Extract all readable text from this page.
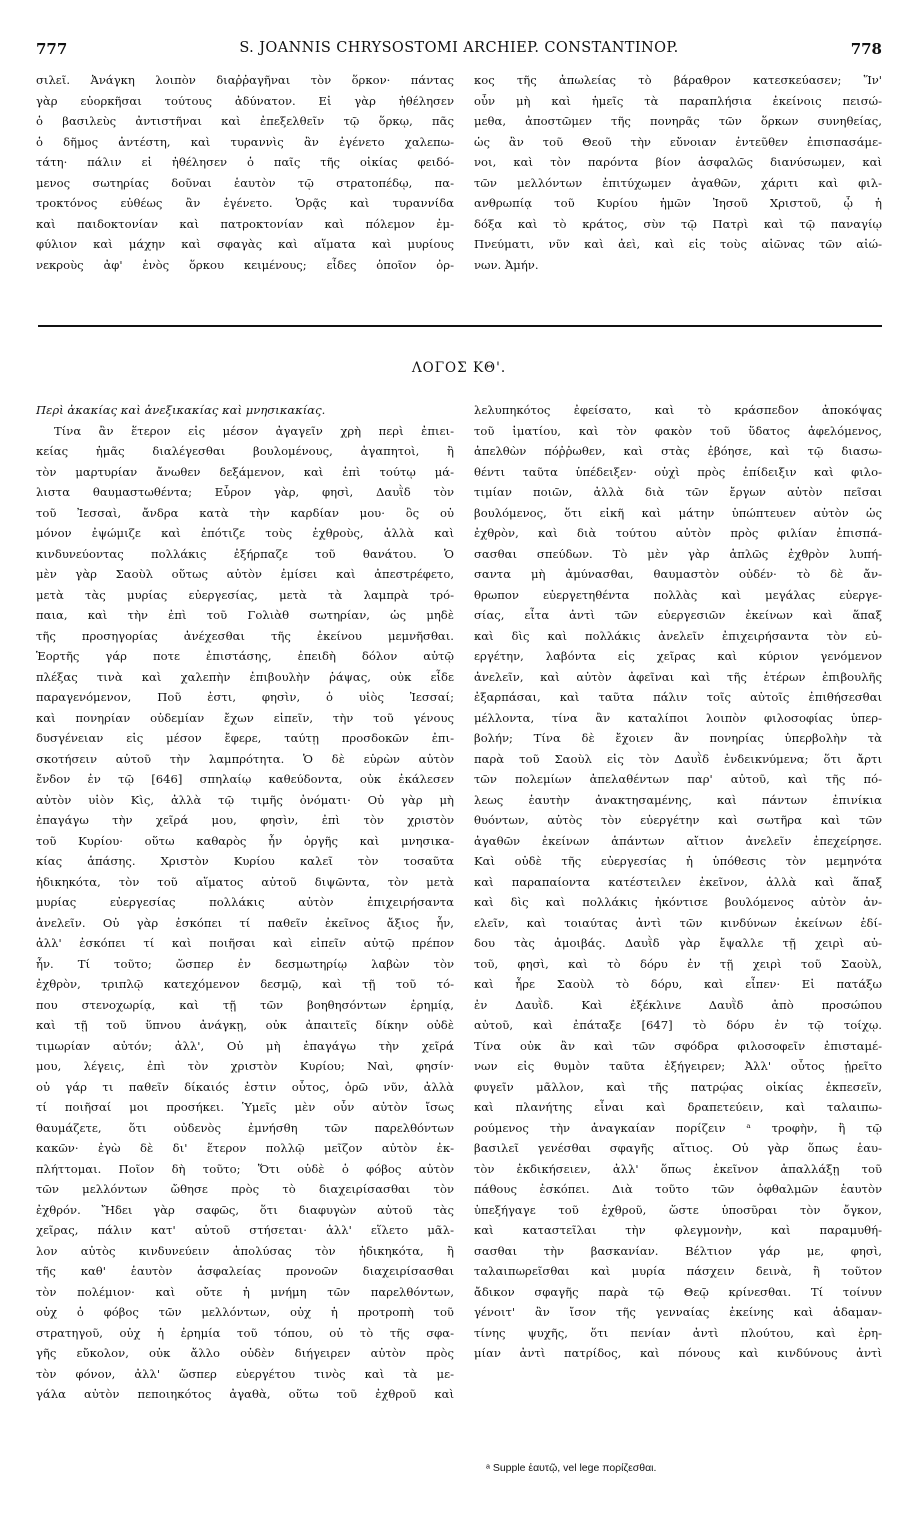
777	S. JOANNIS CHRYSOSTOMI ARCHIEP. CONSTANTINOP.	778
σιλεῖ. Ἀνάγκη λοιπὸν διαῤῥαγῆναι τὸν ὅρκον· πάντας
γὰρ εὐορκῆσαι τούτους ἀδύνατον. Εἰ γὰρ ἠθέλησεν
ὁ βασιλεὺς ἀντιστῆναι καὶ ἐπεξελθεῖν τῷ ὅρκῳ, πᾶς
ὁ δῆμος ἀντέστη, καὶ τυραννὶς ἂν ἐγένετο χαλεπω-
τάτη· πάλιν εἰ ἠθέλησεν ὁ παῖς τῆς οἰκίας φειδό-
μενος σωτηρίας δοῦναι ἑαυτὸν τῷ στρατοπέδῳ, πα-
τροκτόνος εὐθέως ἂν ἐγένετο. Ὁρᾷς καὶ τυραννίδα
καὶ παιδοκτονίαν καὶ πατροκτονίαν καὶ πόλεμον ἐμ-
φύλιον καὶ μάχην καὶ σφαγὰς καὶ αἵματα καὶ μυρίους
νεκροὺς ἀφ' ἑνὸς ὅρκου κειμένους; εἶδες ὁποῖον ὀρ-
κος τῆς ἀπωλείας τὸ βάραθρον κατεσκεύασεν; Ἵν'
οὖν μὴ καὶ ἡμεῖς τὰ παραπλήσια ἐκείνοις πεισώ-
μεθα, ἀποστῶμεν τῆς πονηρᾶς τῶν ὅρκων συνηθείας,
ὡς ἂν τοῦ Θεοῦ τὴν εὔνοιαν ἐντεῦθεν ἐπισπασάμε-
νοι, καὶ τὸν παρόντα βίον ἀσφαλῶς διανύσωμεν, καὶ
τῶν μελλόντων ἐπιτύχωμεν ἀγαθῶν, χάριτι καὶ φιλ-
ανθρωπίᾳ τοῦ Κυρίου ἡμῶν Ἰησοῦ Χριστοῦ, ᾧ ἡ
δόξα καὶ τὸ κράτος, σὺν τῷ Πατρὶ καὶ τῷ παναγίῳ
Πνεύματι, νῦν καὶ ἀεὶ, καὶ εἰς τοὺς αἰῶνας τῶν αἰώ-
νων. Ἀμήν.
ΛΟΓΟΣ ΚΘ'.
Περὶ ἀκακίας καὶ ἀνεξικακίας καὶ μνησικακίας.
Τίνα ἂν ἕτερον εἰς μέσον ἀγαγεῖν χρὴ περὶ ἐπιει-
κείας ἡμᾶς διαλέγεσθαι βουλομένους, ἀγαπητοὶ, ἢ
τὸν μαρτυρίαν ἄνωθεν δεξάμενον, καὶ ἐπὶ τούτῳ μά-
λιστα θαυμαστωθέντα; Εὗρον γὰρ, φησὶ, Δαυῒδ τὸν
τοῦ Ἰεσσαὶ, ἄνδρα κατὰ τὴν καρδίαν μου· ὃς οὐ
μόνον ἐψώμιζε καὶ ἐπότιζε τοὺς ἐχθροὺς, ἀλλὰ καὶ
κινδυνεύοντας πολλάκις ἐξήρπαζε τοῦ θανάτου. Ὁ
μὲν γὰρ Σαοὺλ οὕτως αὐτὸν ἐμίσει καὶ ἀπεστρέφετο,
μετὰ τὰς μυρίας εὐεργεσίας, μετὰ τὰ λαμπρὰ τρό-
παια, καὶ τὴν ἐπὶ τοῦ Γολιὰθ σωτηρίαν, ὡς μηδὲ
τῆς προσηγορίας ἀνέχεσθαι τῆς ἐκείνου μεμνῆσθαι.
Ἑορτῆς γάρ ποτε ἐπιστάσης, ἐπειδὴ δόλον αὐτῷ
πλέξας τινὰ καὶ χαλεπὴν ἐπιβουλὴν ῥάψας, οὐκ εἶδε
παραγενόμενον, Ποῦ ἐστι, φησὶν, ὁ υἱὸς Ἰεσσαί;
καὶ πονηρίαν οὐδεμίαν ἔχων εἰπεῖν, τὴν τοῦ γένους
δυσγένειαν εἰς μέσον ἔφερε, ταύτῃ προσδοκῶν ἐπι-
σκοτήσειν αὐτοῦ τὴν λαμπρότητα. Ὁ δὲ εὑρὼν αὐτὸν
ἔνδον ἐν τῷ [646] σπηλαίῳ καθεύδοντα, οὐκ ἐκάλεσεν
αὐτὸν υἱὸν Κὶς, ἀλλὰ τῷ τιμῆς ὀνόματι· Οὐ γὰρ μὴ
ἐπαγάγω τὴν χεῖρά μου, φησὶν, ἐπὶ τὸν χριστὸν
τοῦ Κυρίου· οὕτω καθαρὸς ἦν ὀργῆς καὶ μνησικα-
κίας ἁπάσης. Χριστὸν Κυρίου καλεῖ τὸν τοσαῦτα
ἠδικηκότα, τὸν τοῦ αἵματος αὐτοῦ διψῶντα, τὸν μετὰ
μυρίας εὐεργεσίας πολλάκις αὐτὸν ἐπιχειρήσαντα
ἀνελεῖν. Οὐ γὰρ ἐσκόπει τί παθεῖν ἐκεῖνος ἄξιος ἦν,
ἀλλ' ἐσκόπει τί καὶ ποιῆσαι καὶ εἰπεῖν αὐτῷ πρέπον
ἦν. Τί τοῦτο; ὥσπερ ἐν δεσμωτηρίῳ λαβὼν τὸν
ἐχθρὸν, τριπλῷ κατεχόμενον δεσμῷ, καὶ τῇ τοῦ τό-
που στενοχωρίᾳ, καὶ τῇ τῶν βοηθησόντων ἐρημίᾳ,
καὶ τῇ τοῦ ὕπνου ἀνάγκῃ, οὐκ ἀπαιτεῖς δίκην οὐδὲ
τιμωρίαν αὐτόν; ἀλλ', Οὐ μὴ ἐπαγάγω τὴν χεῖρά
μου, λέγεις, ἐπὶ τὸν χριστὸν Κυρίου; Ναὶ, φησίν·
οὐ γάρ τι παθεῖν δίκαιός ἐστιν οὗτος, ὁρῶ νῦν, ἀλλὰ
τί ποιῆσαί μοι προσήκει. Ὑμεῖς μὲν οὖν αὐτὸν ἴσως
θαυμάζετε, ὅτι οὐδενὸς ἐμνήσθη τῶν παρελθόντων
κακῶν· ἐγὼ δὲ δι' ἕτερον πολλῷ μεῖζον αὐτὸν ἐκ-
πλήττομαι. Ποῖον δὴ τοῦτο; Ὅτι οὐδὲ ὁ φόβος αὐτὸν
τῶν μελλόντων ὤθησε πρὸς τὸ διαχειρίσασθαι τὸν
ἐχθρόν. Ἤδει γὰρ σαφῶς, ὅτι διαφυγὼν αὐτοῦ τὰς
χεῖρας, πάλιν κατ' αὐτοῦ στήσεται· ἀλλ' εἵλετο μᾶλ-
λον αὐτὸς κινδυνεύειν ἀπολύσας τὸν ἠδικηκότα, ἢ
τῆς καθ' ἑαυτὸν ἀσφαλείας προνοῶν διαχειρίσασθαι
τὸν πολέμιον· καὶ οὔτε ἡ μνήμη τῶν παρελθόντων,
οὐχ ὁ φόβος τῶν μελλόντων, οὐχ ἡ προτροπὴ τοῦ
στρατηγοῦ, οὐχ ἡ ἐρημία τοῦ τόπου, οὐ τὸ τῆς σφα-
γῆς εὔκολον, οὐκ ἄλλο οὐδὲν διήγειρεν αὐτὸν πρὸς
τὸν φόνον, ἀλλ' ὥσπερ εὐεργέτου τινὸς καὶ τὰ με-
γάλα αὐτὸν πεποιηκότος ἀγαθὰ, οὕτω τοῦ ἐχθροῦ καὶ
λελυπηκότος ἐφείσατο, καὶ τὸ κράσπεδον ἀποκόψας
τοῦ ἱματίου, καὶ τὸν φακὸν τοῦ ὕδατος ἀφελόμενος,
ἀπελθὼν πόῤῥωθεν, καὶ στὰς ἐβόησε, καὶ τῷ διασω-
θέντι ταῦτα ὑπέδειξεν· οὐχὶ πρὸς ἐπίδειξιν καὶ φιλο-
τιμίαν ποιῶν, ἀλλὰ διὰ τῶν ἔργων αὐτὸν πεῖσαι
βουλόμενος, ὅτι εἰκῆ καὶ μάτην ὑπώπτευεν αὐτὸν ὡς
ἐχθρὸν, καὶ διὰ τούτου αὐτὸν πρὸς φιλίαν ἐπισπά-
σασθαι σπεύδων. Τὸ μὲν γὰρ ἁπλῶς ἐχθρὸν λυπή-
σαντα μὴ ἀμύνασθαι, θαυμαστὸν οὐδέν· τὸ δὲ ἄν-
θρωπον εὐεργετηθέντα πολλὰς καὶ μεγάλας εὐεργε-
σίας, εἶτα ἀντὶ τῶν εὐεργεσιῶν ἐκείνων καὶ ἅπαξ
καὶ δὶς καὶ πολλάκις ἀνελεῖν ἐπιχειρήσαντα τὸν εὐ-
εργέτην, λαβόντα εἰς χεῖρας καὶ κύριον γενόμενον
ἀνελεῖν, καὶ αὐτὸν ἀφεῖναι καὶ τῆς ἑτέρων ἐπιβουλῆς
ἐξαρπάσαι, καὶ ταῦτα πάλιν τοῖς αὐτοῖς ἐπιθήσεσθαι
μέλλοντα, τίνα ἂν καταλίποι λοιπὸν φιλοσοφίας ὑπερ-
βολήν; Τίνα δὲ ἔχοιεν ἂν πονηρίας ὑπερβολὴν τὰ
παρὰ τοῦ Σαοὺλ εἰς τὸν Δαυῒδ ἐνδεικνύμενα; ὅτι ἄρτι
τῶν πολεμίων ἀπελαθέντων παρ' αὐτοῦ, καὶ τῆς πό-
λεως ἑαυτὴν ἀνακτησαμένης, καὶ πάντων ἐπινίκια
θυόντων, αὐτὸς τὸν εὐεργέτην καὶ σωτῆρα καὶ τῶν
ἀγαθῶν ἐκείνων ἁπάντων αἴτιον ἀνελεῖν ἐπεχείρησε.
Καὶ οὐδὲ τῆς εὐεργεσίας ἡ ὑπόθεσις τὸν μεμηνότα
καὶ παραπαίοντα κατέστειλεν ἐκεῖνον, ἀλλὰ καὶ ἅπαξ
καὶ δὶς καὶ πολλάκις ἠκόντισε βουλόμενος αὐτὸν ἀν-
ελεῖν, καὶ τοιαύτας ἀντὶ τῶν κινδύνων ἐκείνων ἐδί-
δου τὰς ἀμοιβάς. Δαυῒδ γὰρ ἔψαλλε τῇ χειρὶ αὐ-
τοῦ, φησὶ, καὶ τὸ δόρυ ἐν τῇ χειρὶ τοῦ Σαοὺλ,
καὶ ἦρε Σαοὺλ τὸ δόρυ, καὶ εἶπεν· Εἰ πατάξω
ἐν Δαυῒδ. Καὶ ἐξέκλινε Δαυῒδ ἀπὸ προσώπου
αὐτοῦ, καὶ ἐπάταξε [647] τὸ δόρυ ἐν τῷ τοίχῳ.
Τίνα οὐκ ἂν καὶ τῶν σφόδρα φιλοσοφεῖν ἐπισταμέ-
νων εἰς θυμὸν ταῦτα ἐξήγειρεν; Ἀλλ' οὗτος ᾑρεῖτο
φυγεῖν μᾶλλον, καὶ τῆς πατρῴας οἰκίας ἐκπεσεῖν,
καὶ πλανήτης εἶναι καὶ δραπετεύειν, καὶ ταλαιπω-
ρούμενος τὴν ἀναγκαίαν πορίζειν ᵃ τροφὴν, ἢ τῷ
βασιλεῖ γενέσθαι σφαγῆς αἴτιος. Οὐ γὰρ ὅπως ἑαυ-
τὸν ἐκδικήσειεν, ἀλλ' ὅπως ἐκεῖνον ἀπαλλάξῃ τοῦ
πάθους ἐσκόπει. Διὰ τοῦτο τῶν ὀφθαλμῶν ἑαυτὸν
ὑπεξήγαγε τοῦ ἐχθροῦ, ὥστε ὑποσῦραι τὸν ὄγκον,
καὶ καταστεῖλαι τὴν φλεγμονὴν, καὶ παραμυθή-
σασθαι τὴν βασκανίαν. Βέλτιον γάρ με, φησὶ,
ταλαιπωρεῖσθαι καὶ μυρία πάσχειν δεινὰ, ἢ τοῦτον
ἄδικον σφαγῆς παρὰ τῷ Θεῷ κρίνεσθαι. Τί τοίνυν
γένοιτ' ἂν ἴσον τῆς γενναίας ἐκείνης καὶ ἀδαμαν-
τίνης ψυχῆς, ὅτι πενίαν ἀντὶ πλούτου, καὶ ἐρη-
μίαν ἀντὶ πατρίδος, καὶ πόνους καὶ κινδύνους ἀντὶ
ᵃ Supple ἑαυτῷ, vel lege πορίζεσθαι.
